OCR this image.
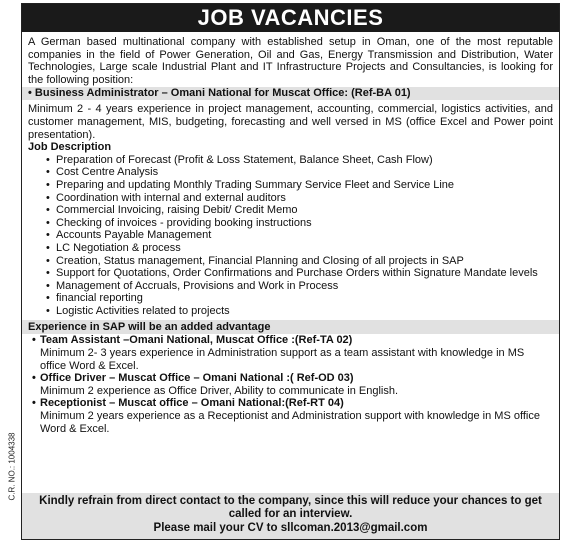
C.R. NO.: 1004338
JOB VACANCIES
A German based multinational company with established setup in Oman, one of the most reputable companies in the field of Power Generation, Oil and Gas, Energy Transmission and Distribution, Water Technologies, Large scale Industrial Plant and IT Infrastructure Projects and Consultancies, is looking for the following position:
• Business Administrator – Omani National for Muscat Office: (Ref-BA 01)
Minimum 2 - 4 years experience in project management, accounting, commercial, logistics activities, and customer management, MIS, budgeting, forecasting and well versed in MS (office Excel and Power point presentation).
Job Description
• Preparation of Forecast (Profit & Loss Statement, Balance Sheet, Cash Flow)
• Cost Centre Analysis
• Preparing and updating Monthly Trading Summary Service Fleet and Service Line
• Coordination with internal and external auditors
• Commercial Invoicing, raising Debit/ Credit Memo
• Checking of invoices - providing booking instructions
• Accounts Payable Management
• LC Negotiation & process
• Creation, Status management, Financial Planning and Closing of all projects in SAP
• Support for Quotations, Order Confirmations and Purchase Orders within Signature Mandate levels
• Management of Accruals, Provisions and Work in Process
• financial reporting
• Logistic Activities related to projects
Experience in SAP will be an added advantage
• Team Assistant –Omani National, Muscat Office :(Ref-TA 02)
Minimum 2- 3 years experience in Administration support as a team assistant with knowledge in MS office Word & Excel.
• Office Driver – Muscat Office – Omani National :( Ref-OD 03)
Minimum 2 experience as Office Driver, Ability to communicate in English.
• Receptionist – Muscat office – Omani National:(Ref-RT 04)
Minimum 2 years experience as a Receptionist and Administration support with knowledge in MS office Word & Excel.
Kindly refrain from direct contact to the company, since this will reduce your chances to get called for an interview.
Please mail your CV to sllcoman.2013@gmail.com
